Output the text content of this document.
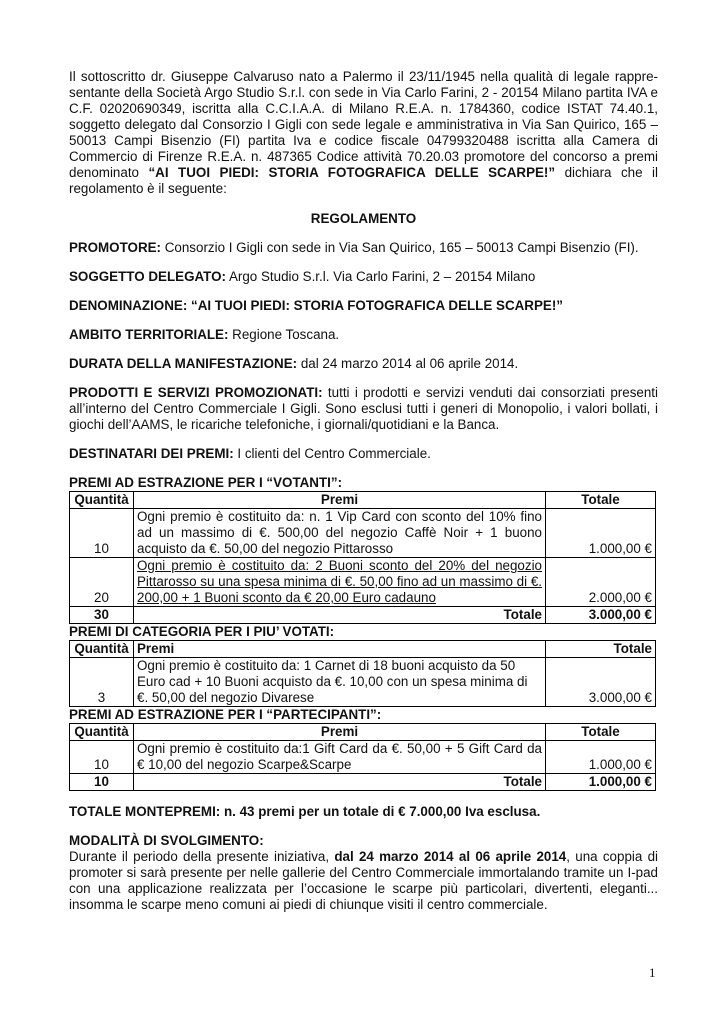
Il sottoscritto dr. Giuseppe Calvaruso nato a Palermo il 23/11/1945 nella qualità di legale rappre-sentante della Società Argo Studio S.r.l. con sede in Via Carlo Farini, 2 - 20154 Milano partita IVA e C.F. 02020690349, iscritta alla C.C.I.A.A. di Milano R.E.A. n. 1784360, codice ISTAT 74.40.1, soggetto delegato dal Consorzio I Gigli con sede legale e amministrativa in Via San Quirico, 165 – 50013 Campi Bisenzio (FI) partita Iva e codice fiscale 04799320488 iscritta alla Camera di Commercio di Firenze R.E.A. n. 487365 Codice attività 70.20.03 promotore del concorso a premi denominato “AI TUOI PIEDI: STORIA FOTOGRAFICA DELLE SCARPE!” dichiara che il regolamento è il seguente:

REGOLAMENTO

PROMOTORE: Consorzio I Gigli con sede in Via San Quirico, 165 – 50013 Campi Bisenzio (FI).

SOGGETTO DELEGATO: Argo Studio S.r.l. Via Carlo Farini, 2 – 20154 Milano

DENOMINAZIONE: “AI TUOI PIEDI: STORIA FOTOGRAFICA DELLE SCARPE!”

AMBITO TERRITORIALE: Regione Toscana.

DURATA DELLA MANIFESTAZIONE: dal 24 marzo 2014 al 06 aprile 2014.

PRODOTTI E SERVIZI PROMOZIONATI: tutti i prodotti e servizi venduti dai consorziati presenti all’interno del Centro Commerciale I Gigli. Sono esclusi tutti i generi di Monopolio, i valori bollati, i giochi dell’AAMS, le ricariche telefoniche, i giornali/quotidiani e la Banca.

DESTINATARI DEI PREMI: I clienti del Centro Commerciale.

PREMI AD ESTRAZIONE PER I “VOTANTI”:

Quantità	Premi	Totale
10	Ogni premio è costituito da: n. 1 Vip Card con sconto del 10% fino ad un massimo di €. 500,00 del negozio Caffè Noir + 1 buono acquisto da €. 50,00 del negozio Pittarosso	1.000,00 €
20	Ogni premio è costituito da: 2 Buoni sconto del 20% del negozio Pittarosso su una spesa minima di €. 50,00 fino ad un massimo di €. 200,00 + 1 Buoni sconto da € 20,00 Euro cadauno	2.000,00 €
30	Totale	3.000,00 €

PREMI DI CATEGORIA PER I PIU’ VOTATI:

Quantità	Premi	Totale
3	Ogni premio è costituito da: 1 Carnet di 18 buoni acquisto da 50 Euro cad + 10 Buoni acquisto da €. 10,00 con un spesa minima di €. 50,00 del negozio Divarese	3.000,00 €

PREMI AD ESTRAZIONE PER I “PARTECIPANTI”:

Quantità	Premi	Totale
10	Ogni premio è costituito da:1 Gift Card da €. 50,00 + 5 Gift Card da € 10,00 del negozio Scarpe&Scarpe	1.000,00 €
10	Totale	1.000,00 €

TOTALE MONTEPREMI: n. 43 premi per un totale di € 7.000,00 Iva esclusa.

MODALITÀ DI SVOLGIMENTO:

Durante il periodo della presente iniziativa, dal 24 marzo 2014 al 06 aprile 2014, una coppia di promoter si sarà presente per nelle gallerie del Centro Commerciale immortalando tramite un I-pad con una applicazione realizzata per l’occasione le scarpe più particolari, divertenti, eleganti... insomma le scarpe meno comuni ai piedi di chiunque visiti il centro commerciale.

1
